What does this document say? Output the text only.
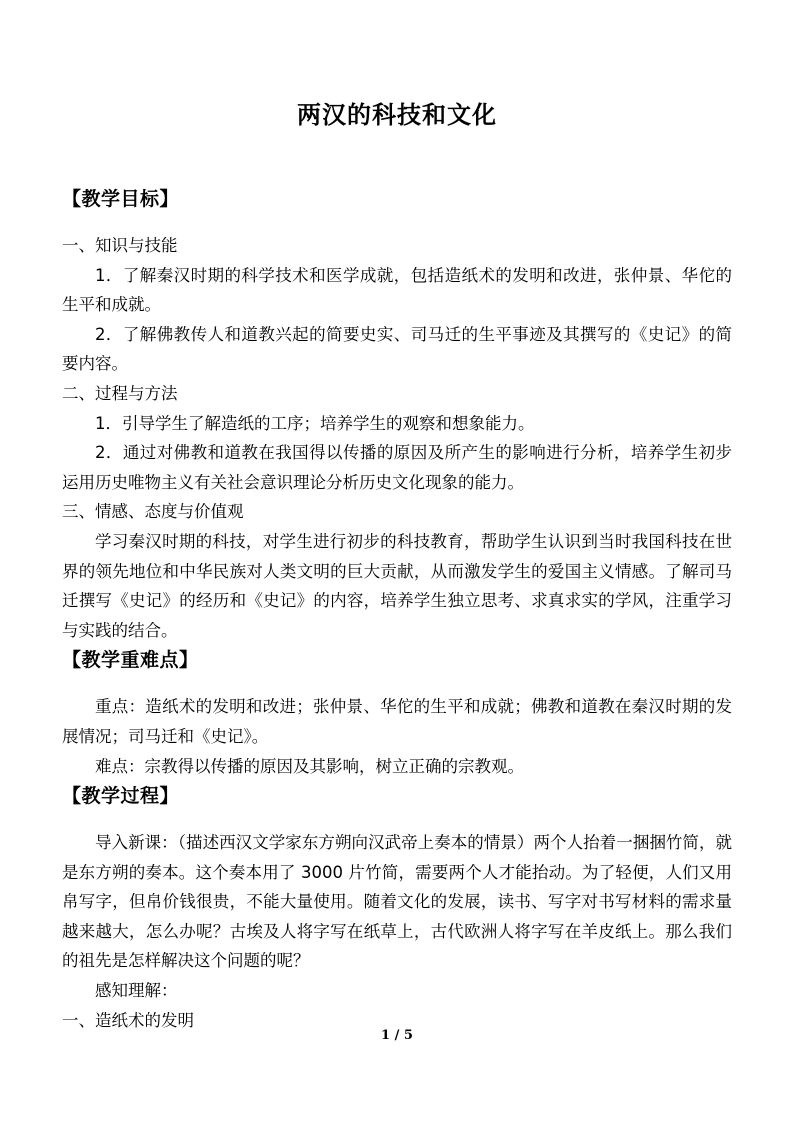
两汉的科技和文化
【教学目标】

一、知识与技能

1．了解秦汉时期的科学技术和医学成就，包括造纸术的发明和改进，张仲景、华佗的生平和成就。

2．了解佛教传人和道教兴起的简要史实、司马迁的生平事迹及其撰写的《史记》的简要内容。

二、过程与方法

1．引导学生了解造纸的工序；培养学生的观察和想象能力。

2．通过对佛教和道教在我国得以传播的原因及所产生的影响进行分析，培养学生初步运用历史唯物主义有关社会意识理论分析历史文化现象的能力。

三、情感、态度与价值观

学习秦汉时期的科技，对学生进行初步的科技教育，帮助学生认识到当时我国科技在世界的领先地位和中华民族对人类文明的巨大贡献，从而激发学生的爱国主义情感。了解司马迁撰写《史记》的经历和《史记》的内容，培养学生独立思考、求真求实的学风，注重学习与实践的结合。

【教学重难点】

重点：造纸术的发明和改进；张仲景、华佗的生平和成就；佛教和道教在秦汉时期的发展情况；司马迁和《史记》。

难点：宗教得以传播的原因及其影响，树立正确的宗教观。

【教学过程】

导入新课：（描述西汉文学家东方朔向汉武帝上奏本的情景）两个人抬着一捆捆竹简，就是东方朔的奏本。这个奏本用了 3000 片竹简，需要两个人才能抬动。为了轻便，人们又用帛写字，但帛价钱很贵，不能大量使用。随着文化的发展，读书、写字对书写材料的需求量越来越大，怎么办呢？古埃及人将字写在纸草上，古代欧洲人将字写在羊皮纸上。那么我们的祖先是怎样解决这个问题的呢？

感知理解：

一、造纸术的发明

1 / 5
